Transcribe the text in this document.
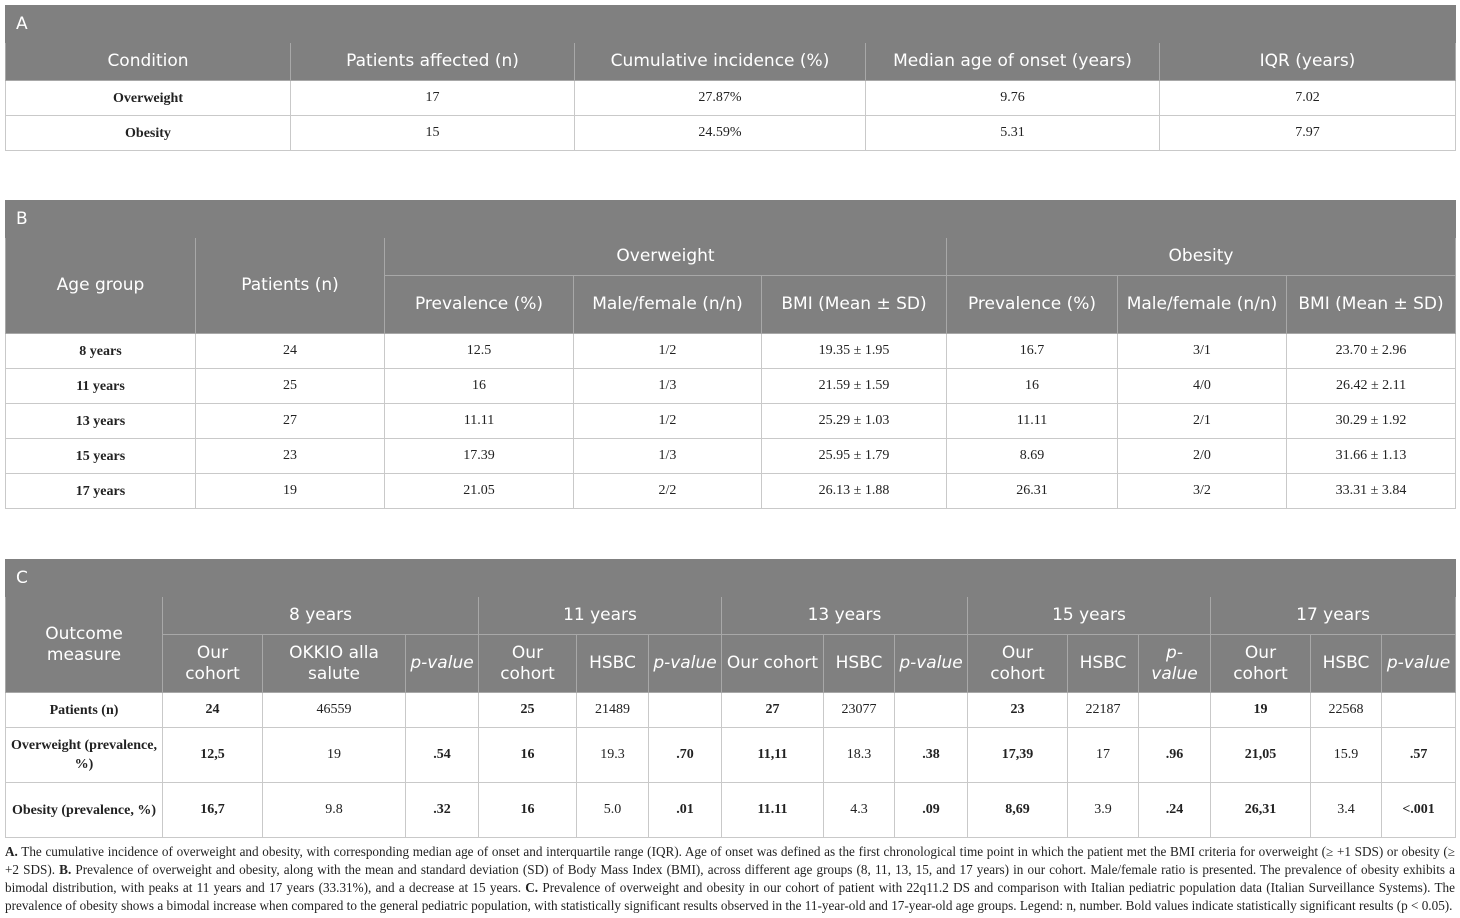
A				
Condition	Patients affected (n)	Cumulative incidence (%)	Median age of onset (years)	IQR (years)
Overweight	17	27.87%	9.76	7.02
Obesity	15	24.59%	5.31	7.97
B							
Age group	Patients (n)	Overweight			Obesity		
		Prevalence (%)	Male/female (n/n)	BMI (Mean ± SD)	Prevalence (%)	Male/female (n/n)	BMI (Mean ± SD)
8 years	24	12.5	1/2	19.35 ± 1.95	16.7	3/1	23.70 ± 2.96
11 years	25	16	1/3	21.59 ± 1.59	16	4/0	26.42 ± 2.11
13 years	27	11.11	1/2	25.29 ± 1.03	11.11	2/1	30.29 ± 1.92
15 years	23	17.39	1/3	25.95 ± 1.79	8.69	2/0	31.66 ± 1.13
17 years	19	21.05	2/2	26.13 ± 1.88	26.31	3/2	33.31 ± 3.84
C															
Outcome measure	8 years			11 years			13 years			15 years			17 years		
	Our cohort	OKKIO alla salute	p-value	Our cohort	HSBC	p-value	Our cohort	HSBC	p-value	Our cohort	HSBC	p-value	Our cohort	HSBC	p-value
Patients (n)	24	46559		25	21489		27	23077		23	22187		19	22568	
Overweight (prevalence, %)	12,5	19	.54	16	19.3	.70	11,11	18.3	.38	17,39	17	.96	21,05	15.9	.57
Obesity (prevalence, %)	16,7	9.8	.32	16	5.0	.01	11.11	4.3	.09	8,69	3.9	.24	26,31	3.4	<.001
A. The cumulative incidence of overweight and obesity, with corresponding median age of onset and interquartile range (IQR). Age of onset was defined as the first chronological time point in which the patient met the BMI criteria for overweight (≥ +1 SDS) or obesity (≥ +2 SDS). B. Prevalence of overweight and obesity, along with the mean and standard deviation (SD) of Body Mass Index (BMI), across different age groups (8, 11, 13, 15, and 17 years) in our cohort. Male/female ratio is presented. The prevalence of obesity exhibits a bimodal distribution, with peaks at 11 years and 17 years (33.31%), and a decrease at 15 years. C. Prevalence of overweight and obesity in our cohort of patient with 22q11.2 DS and comparison with Italian pediatric population data (Italian Surveillance Systems). The prevalence of obesity shows a bimodal increase when compared to the general pediatric population, with statistically significant results observed in the 11-year-old and 17-year-old age groups. Legend: n, number. Bold values indicate statistically significant results (p < 0.05).
